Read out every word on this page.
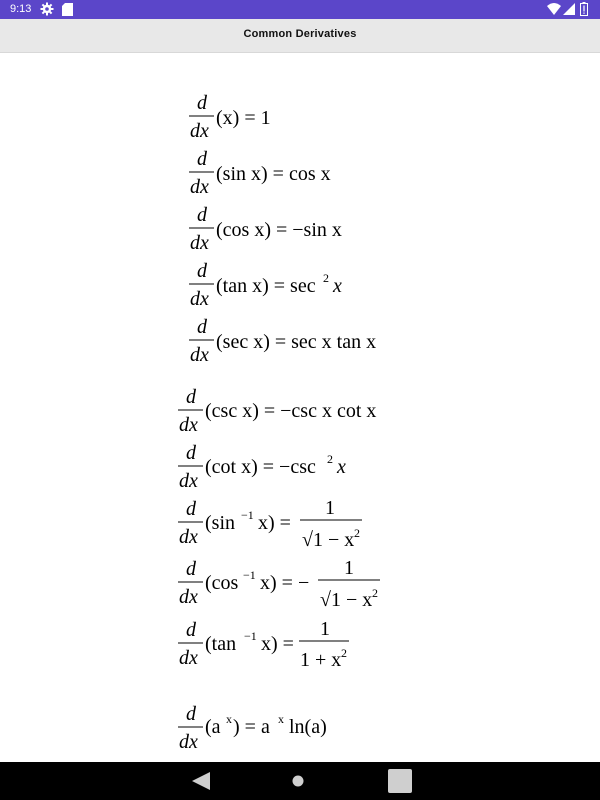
9:13
Common Derivatives
d
dx
(x) = 1
d
dx
(sin x) = cos x
d
dx
(cos x) = −sin x
d
dx
(tan x) = sec 2 x
d
dx
(sec x) = sec x tan x
d
dx
(csc x) = −csc x cot x
d
dx
(cot x) = −csc 2 x
d
dx
(sin −1 x) =
1
√1 − x 2
d
dx
(cos −1 x) = −
1
√1 − x 2
d
dx
(tan −1 x) =
1
1 + x 2
d
dx
(a x ) = a x ln(a)
